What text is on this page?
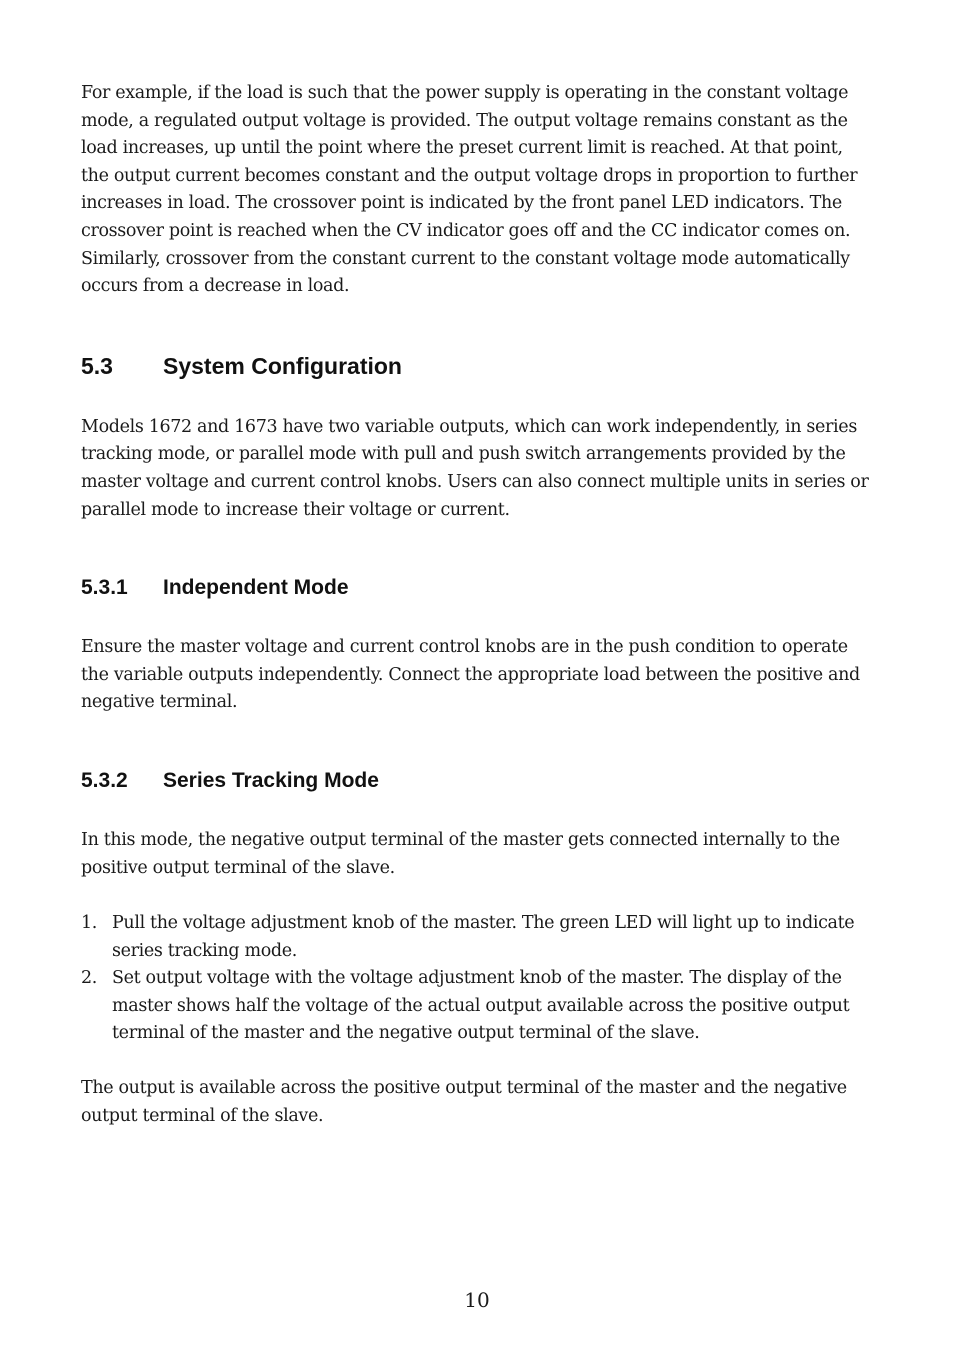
For example, if the load is such that the power supply is operating in the constant voltage mode, a regulated output voltage is provided. The output voltage remains constant as the load increases, up until the point where the preset current limit is reached. At that point, the output current becomes constant and the output voltage drops in proportion to further increases in load. The crossover point is indicated by the front panel LED indicators. The crossover point is reached when the CV indicator goes off and the CC indicator comes on. Similarly, crossover from the constant current to the constant voltage mode automatically occurs from a decrease in load.

5.3	System Configuration

Models 1672 and 1673 have two variable outputs, which can work independently, in series tracking mode, or parallel mode with pull and push switch arrangements provided by the master voltage and current control knobs. Users can also connect multiple units in series or parallel mode to increase their voltage or current.

5.3.1	Independent Mode

Ensure the master voltage and current control knobs are in the push condition to operate the variable outputs independently. Connect the appropriate load between the positive and negative terminal.

5.3.2	Series Tracking Mode

In this mode, the negative output terminal of the master gets connected internally to the positive output terminal of the slave.

1. Pull the voltage adjustment knob of the master. The green LED will light up to indicate series tracking mode.
2. Set output voltage with the voltage adjustment knob of the master. The display of the master shows half the voltage of the actual output available across the positive output terminal of the master and the negative output terminal of the slave.

The output is available across the positive output terminal of the master and the negative output terminal of the slave.

10
